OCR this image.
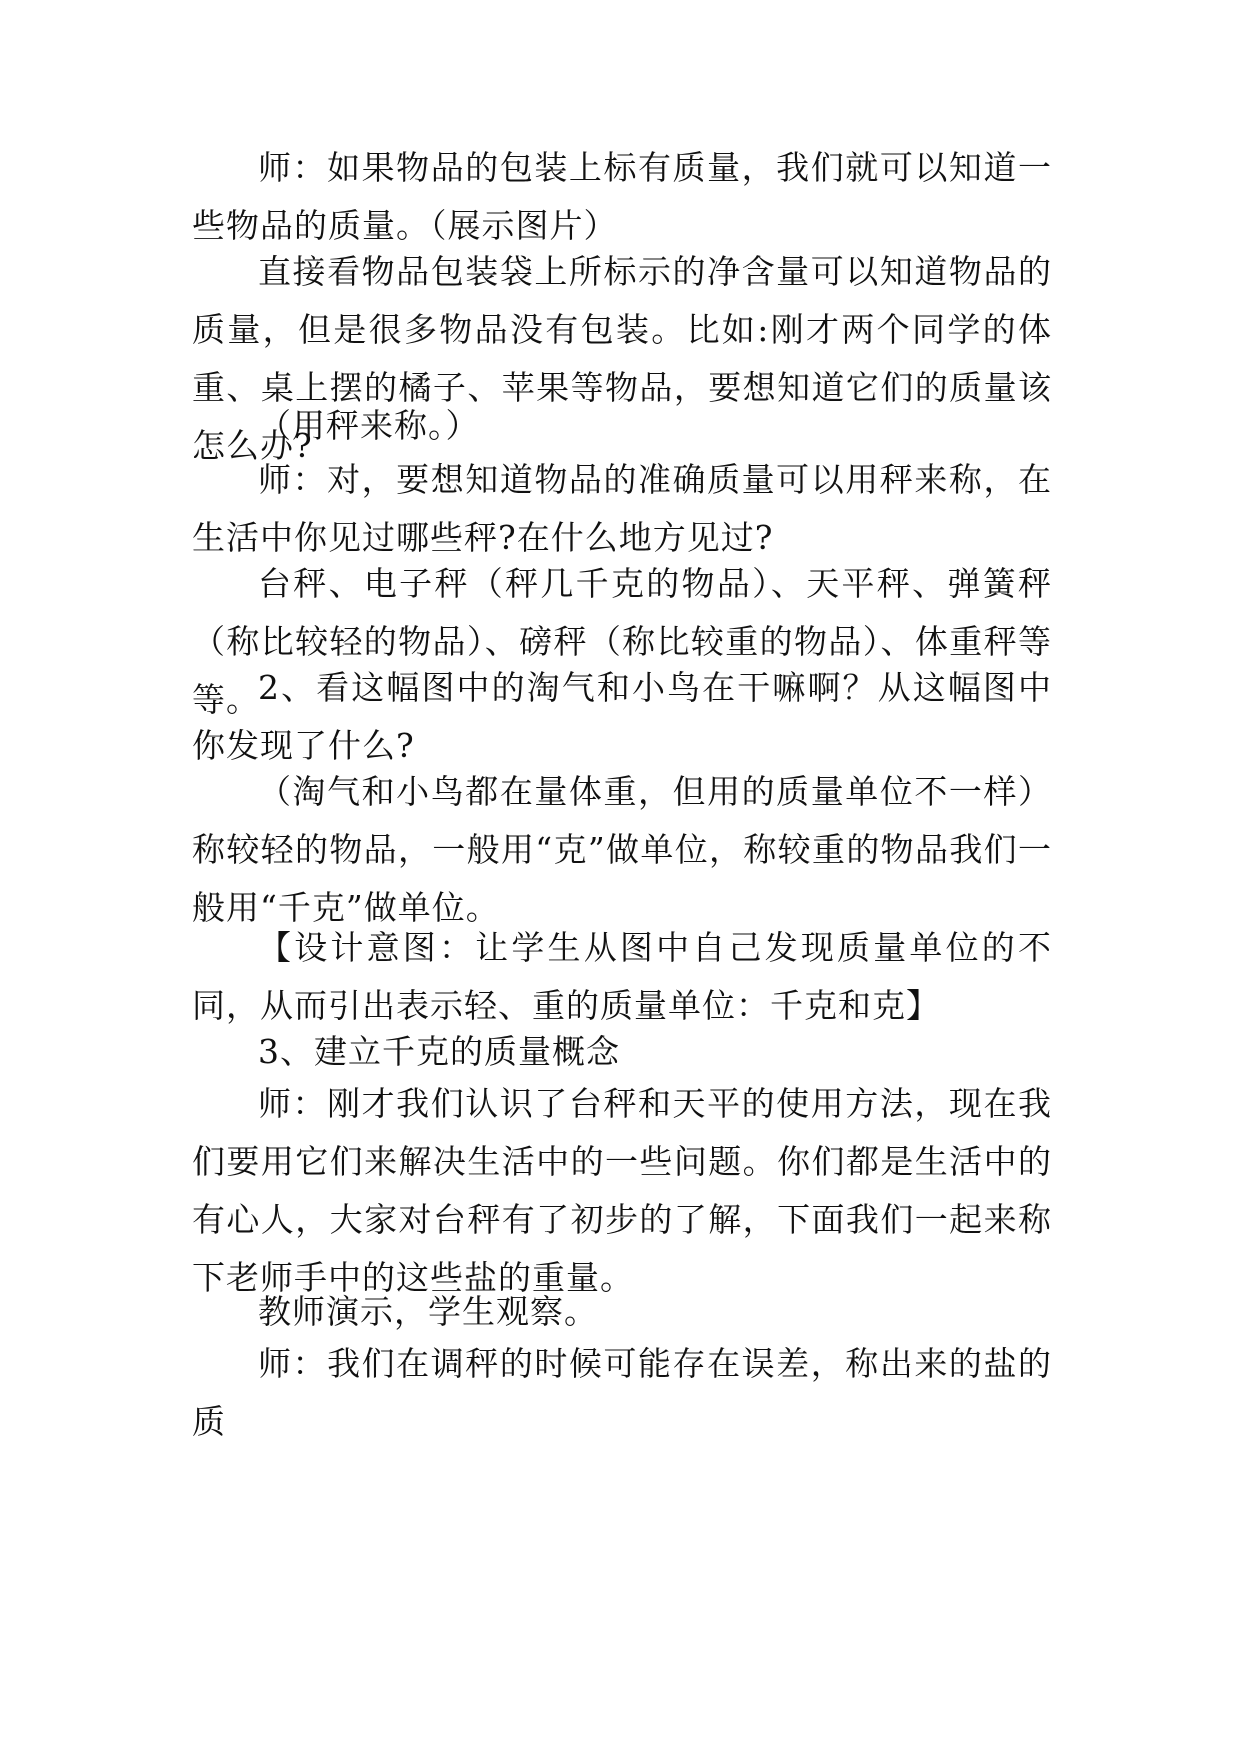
师：如果物品的包装上标有质量，我们就可以知道一些物品的质量。（展示图片）

直接看物品包装袋上所标示的净含量可以知道物品的质量，但是很多物品没有包装。比如:刚才两个同学的体重、桌上摆的橘子、苹果等物品，要想知道它们的质量该怎么办?

（用秤来称。）

师：对，要想知道物品的准确质量可以用秤来称，在生活中你见过哪些秤?在什么地方见过?

台秤、电子秤（秤几千克的物品）、天平秤、弹簧秤（称比较轻的物品）、磅秤（称比较重的物品）、体重秤等等。

2、看这幅图中的淘气和小鸟在干嘛啊？从这幅图中你发现了什么?

（淘气和小鸟都在量体重，但用的质量单位不一样）称较轻的物品，一般用“克”做单位，称较重的物品我们一般用“千克”做单位。

【设计意图：让学生从图中自己发现质量单位的不同，从而引出表示轻、重的质量单位：千克和克】

3、建立千克的质量概念

师：刚才我们认识了台秤和天平的使用方法，现在我们要用它们来解决生活中的一些问题。你们都是生活中的有心人，大家对台秤有了初步的了解，下面我们一起来称下老师手中的这些盐的重量。

教师演示，学生观察。

师：我们在调秤的时候可能存在误差，称出来的盐的质
